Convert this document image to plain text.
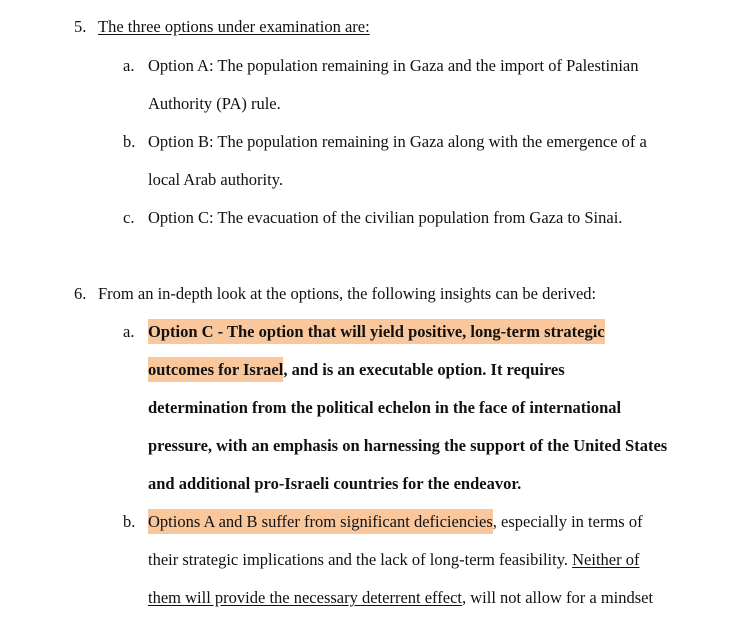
5. The three options under examination are:
a. Option A: The population remaining in Gaza and the import of Palestinian
Authority (PA) rule.
b. Option B: The population remaining in Gaza along with the emergence of a
local Arab authority.
c. Option C: The evacuation of the civilian population from Gaza to Sinai.
6. From an in-depth look at the options, the following insights can be derived:
a. Option C - The option that will yield positive, long-term strategic
outcomes for Israel, and is an executable option. It requires
determination from the political echelon in the face of international
pressure, with an emphasis on harnessing the support of the United States
and additional pro-Israeli countries for the endeavor.
b. Options A and B suffer from significant deficiencies, especially in terms of
their strategic implications and the lack of long-term feasibility. Neither of
them will provide the necessary deterrent effect, will not allow for a mindset
